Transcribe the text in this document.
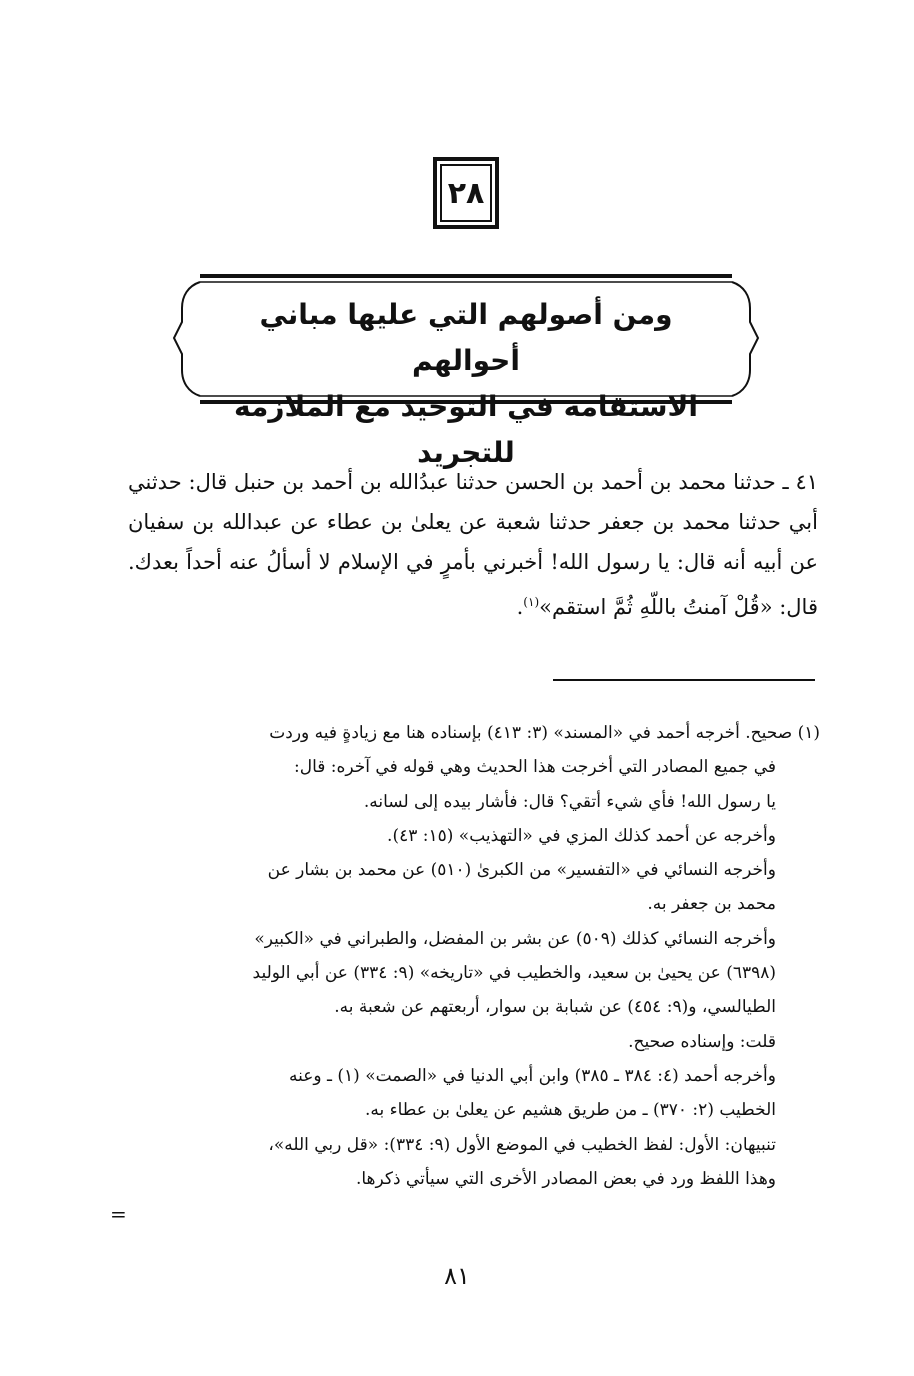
٢٨
ومن أصولهم التي عليها مباني أحوالهم
الاستقامة في التوحيد مع الملازمة للتجريد
٤١ ـ حدثنا محمد بن أحمد بن الحسن حدثنا عبدُالله بن أحمد بن حنبل قال: حدثني أبي حدثنا محمد بن جعفر حدثنا شعبة عن يعلىٰ بن عطاء عن عبدالله بن سفيان عن أبيه أنه قال: يا رسول الله! أخبرني بأمرٍ في الإسلام لا أسألُ عنه أحداً بعدك. قال: «قُلْ آمنتُ باللّهِ ثُمَّ استقم»$^{(١)}$.
(١) صحيح. أخرجه أحمد في «المسند» (٣: ٤١٣) بإسناده هنا مع زيادةٍ فيه وردت
في جميع المصادر التي أخرجت هذا الحديث وهي قوله في آخره: قال:
يا رسول الله! فأي شيء أتقي؟ قال: فأشار بيده إلى لسانه.
وأخرجه عن أحمد كذلك المزي في «التهذيب» (١٥: ٤٣).
وأخرجه النسائي في «التفسير» من الكبرىٰ (٥١٠) عن محمد بن بشار عن
محمد بن جعفر به.
وأخرجه النسائي كذلك (٥٠٩) عن بشر بن المفضل، والطبراني في «الكبير»
(٦٣٩٨) عن يحيىٰ بن سعيد، والخطيب في «تاريخه» (٩: ٣٣٤) عن أبي الوليد
الطيالسي، و(٩: ٤٥٤) عن شبابة بن سوار، أربعتهم عن شعبة به.
قلت: وإسناده صحيح.
وأخرجه أحمد (٤: ٣٨٤ ـ ٣٨٥) وابن أبي الدنيا في «الصمت» (١) ـ وعنه
الخطيب (٢: ٣٧٠) ـ من طريق هشيم عن يعلىٰ بن عطاء به.
تنبيهان: الأول: لفظ الخطيب في الموضع الأول (٩: ٣٣٤): «قل ربي الله»،
وهذا اللفظ ورد في بعض المصادر الأخرى التي سيأتي ذكرها.
=
٨١
